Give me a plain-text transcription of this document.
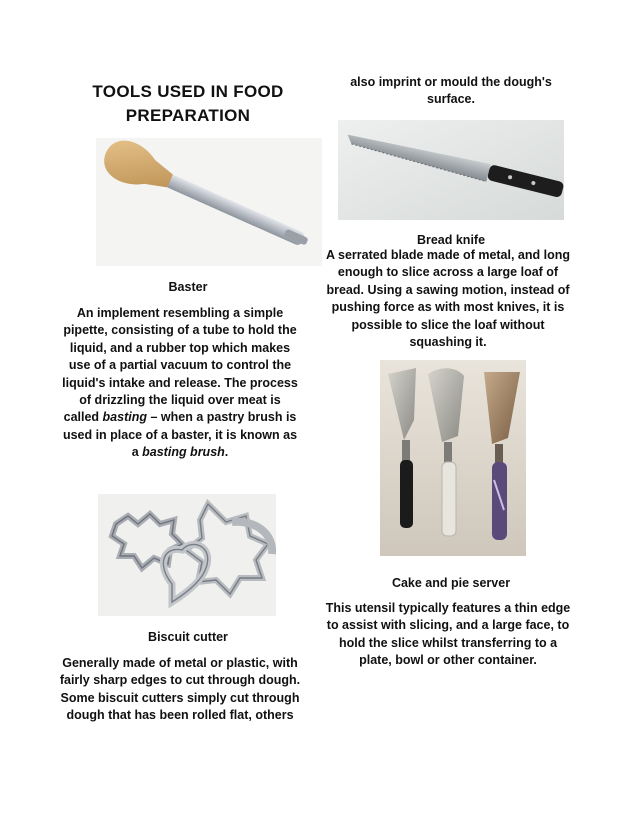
TOOLS USED IN FOOD
PREPARATION
Baster
An implement resembling a simple pipette, consisting of a tube to hold the liquid, and a rubber top which makes use of a partial vacuum to control the liquid's intake and release. The process of drizzling the liquid over meat is called basting – when a pastry brush is used in place of a baster, it is known as a basting brush.
Biscuit cutter
Generally made of metal or plastic, with fairly sharp edges to cut through dough. Some biscuit cutters simply cut through dough that has been rolled flat, others
also imprint or mould the dough's surface.
Bread knife
A serrated blade made of metal, and long enough to slice across a large loaf of bread. Using a sawing motion, instead of pushing force as with most knives, it is possible to slice the loaf without squashing it.
Cake and pie server
This utensil typically features a thin edge to assist with slicing, and a large face, to hold the slice whilst transferring to a plate, bowl or other container.
